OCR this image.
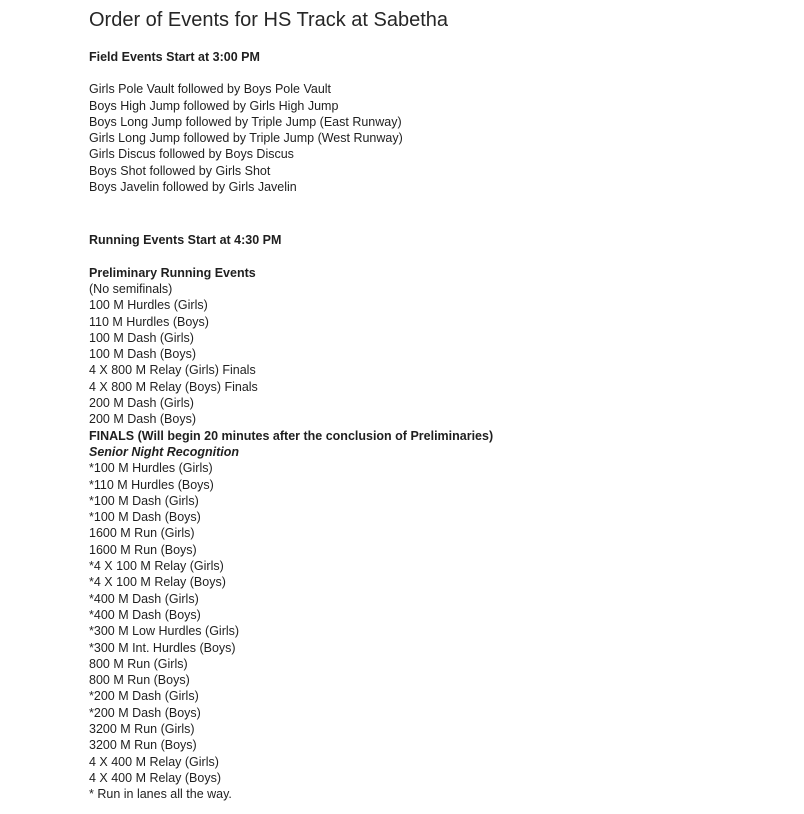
Order of Events for HS Track at Sabetha

Field Events Start at 3:00 PM

Girls Pole Vault followed by Boys Pole Vault

Boys High Jump followed by Girls High Jump

Boys Long Jump followed by Triple Jump (East Runway)

Girls Long Jump followed by Triple Jump (West Runway)

Girls Discus followed by Boys Discus

Boys Shot followed by Girls Shot

Boys Javelin followed by Girls Javelin

Running Events Start at 4:30 PM

Preliminary Running Events

(No semifinals)

100 M Hurdles (Girls)

110 M Hurdles (Boys)

100 M Dash (Girls)

100 M Dash (Boys)

4 X 800 M Relay (Girls) Finals

4 X 800 M Relay (Boys) Finals

200 M Dash (Girls)

200 M Dash (Boys)

FINALS (Will begin 20 minutes after the conclusion of Preliminaries)

Senior Night Recognition

*100 M Hurdles (Girls)

*110 M Hurdles (Boys)

*100 M Dash (Girls)

*100 M Dash (Boys)

1600 M Run (Girls)

1600 M Run (Boys)

*4 X 100 M Relay (Girls)

*4 X 100 M Relay (Boys)

*400 M Dash (Girls)

*400 M Dash (Boys)

*300 M Low Hurdles (Girls)

*300 M Int. Hurdles (Boys)

800 M Run (Girls)

800 M Run (Boys)

*200 M Dash (Girls)

*200 M Dash (Boys)

3200 M Run (Girls)

3200 M Run (Boys)

4 X 400 M Relay (Girls)

4 X 400 M Relay (Boys)

* Run in lanes all the way.
